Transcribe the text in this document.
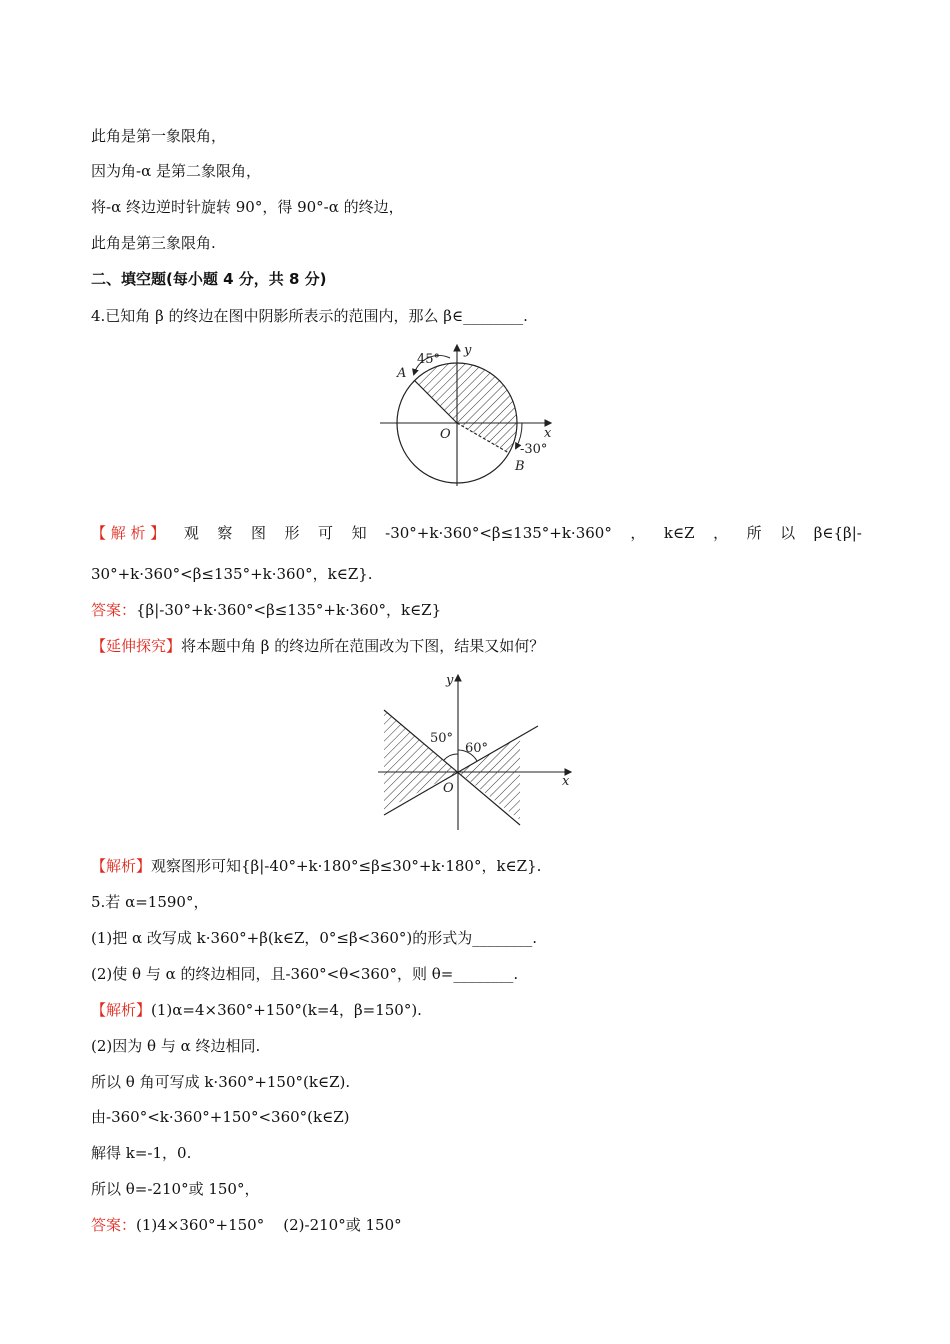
此角是第一象限角，
因为角-α 是第二象限角，
将-α 终边逆时针旋转 90°，得 90°-α 的终边，
此角是第三象限角.
二、填空题(每小题 4 分，共 8 分)
4.已知角 β 的终边在图中阴影所表示的范围内，那么 β∈________.
45°
y
A
O	x
-30°
B
【 解 析 】 观 察 图 形 可 知 -30°+k·360°<β≤135°+k·360° ， k∈Z ， 所 以 β∈{β|-
30°+k·360°<β≤135°+k·360°，k∈Z}.
答案：{β|-30°+k·360°<β≤135°+k·360°，k∈Z}
【延伸探究】将本题中角 β 的终边所在范围改为下图，结果又如何？
y
50°
60°
O	x
【解析】观察图形可知{β|-40°+k·180°≤β≤30°+k·180°，k∈Z}.
5.若 α=1590°，
(1)把 α 改写成 k·360°+β(k∈Z，0°≤β<360°)的形式为________.
(2)使 θ 与 α 的终边相同，且-360°<θ<360°，则 θ=________.
【解析】(1)α=4×360°+150°(k=4，β=150°).
(2)因为 θ 与 α 终边相同.
所以 θ 角可写成 k·360°+150°(k∈Z).
由-360°<k·360°+150°<360°(k∈Z)
解得 k=-1，0.
所以 θ=-210°或 150°，
答案：(1)4×360°+150°    (2)-210°或 150°
